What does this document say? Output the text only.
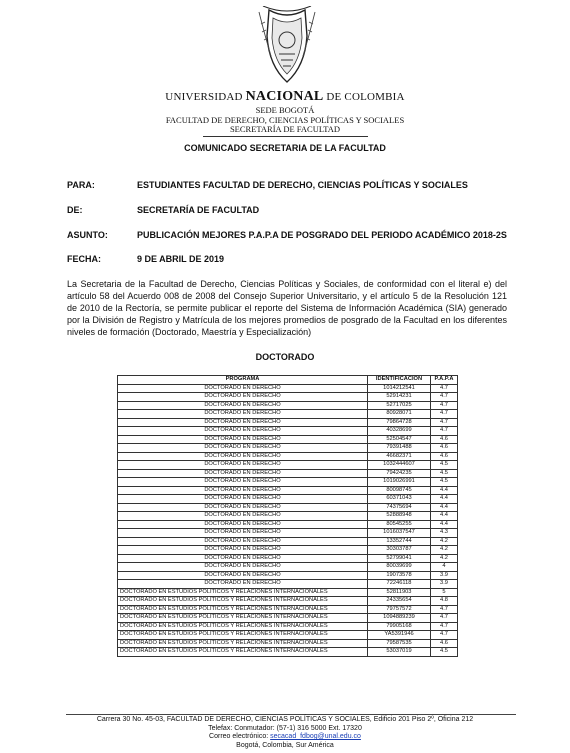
UNIVERSIDAD NACIONAL DE COLOMBIA
SEDE BOGOTÁ
FACULTAD DE DERECHO, CIENCIAS POLÍTICAS Y SOCIALES
SECRETARÍA DE FACULTAD
COMUNICADO SECRETARIA DE LA FACULTAD
PARA:	ESTUDIANTES FACULTAD DE DERECHO, CIENCIAS POLÍTICAS Y SOCIALES
DE:	SECRETARÍA DE FACULTAD
ASUNTO:	PUBLICACIÓN MEJORES P.A.P.A DE POSGRADO DEL PERIODO ACADÉMICO 2018-2S
FECHA:	9 DE ABRIL DE 2019
La Secretaria de la Facultad de Derecho, Ciencias Políticas y Sociales, de conformidad con el literal e) del artículo 58 del Acuerdo 008 de 2008 del Consejo Superior Universitario, y el artículo 5 de la Resolución 121 de 2010 de la Rectoría, se permite publicar el reporte del Sistema de Información Académica (SIA) generado por la División de Registro y Matrícula de los mejores promedios de posgrado de la Facultad en los diferentes niveles de formación (Doctorado, Maestría y Especialización)
DOCTORADO
PROGRAMA	IDENTIFICACION	P.A.P.A
DOCTORADO EN DERECHO	1014212541	4.7
DOCTORADO EN DERECHO	52914231	4.7
DOCTORADO EN DERECHO	52717025	4.7
DOCTORADO EN DERECHO	80928071	4.7
DOCTORADO EN DERECHO	79864728	4.7
DOCTORADO EN DERECHO	40328699	4.7
DOCTORADO EN DERECHO	52504547	4.6
DOCTORADO EN DERECHO	79391488	4.6
DOCTORADO EN DERECHO	46682371	4.6
DOCTORADO EN DERECHO	1032444607	4.5
DOCTORADO EN DERECHO	79424235	4.5
DOCTORADO EN DERECHO	1019026991	4.5
DOCTORADO EN DERECHO	80098745	4.4
DOCTORADO EN DERECHO	60371043	4.4
DOCTORADO EN DERECHO	74375694	4.4
DOCTORADO EN DERECHO	52888948	4.4
DOCTORADO EN DERECHO	80545255	4.4
DOCTORADO EN DERECHO	1016037547	4.3
DOCTORADO EN DERECHO	13352744	4.2
DOCTORADO EN DERECHO	30303787	4.2
DOCTORADO EN DERECHO	52799041	4.2
DOCTORADO EN DERECHO	80039699	4
DOCTORADO EN DERECHO	19073578	3.9
DOCTORADO EN DERECHO	72246118	3.9
DOCTORADO EN ESTUDIOS POLÍTICOS Y RELACIONES INTERNACIONALES	52811903	5
DOCTORADO EN ESTUDIOS POLÍTICOS Y RELACIONES INTERNACIONALES	24335654	4.8
DOCTORADO EN ESTUDIOS POLÍTICOS Y RELACIONES INTERNACIONALES	79757572	4.7
DOCTORADO EN ESTUDIOS POLÍTICOS Y RELACIONES INTERNACIONALES	1094889239	4.7
DOCTORADO EN ESTUDIOS POLÍTICOS Y RELACIONES INTERNACIONALES	79905168	4.7
DOCTORADO EN ESTUDIOS POLÍTICOS Y RELACIONES INTERNACIONALES	YA5391946	4.7
DOCTORADO EN ESTUDIOS POLÍTICOS Y RELACIONES INTERNACIONALES	79587535	4.6
DOCTORADO EN ESTUDIOS POLÍTICOS Y RELACIONES INTERNACIONALES	53037019	4.5
Carrera 30 No. 45-03, FACULTAD DE DERECHO, CIENCIAS POLÍTICAS Y SOCIALES, Edificio 201 Piso 2º, Oficina 212
Telefax: Conmutador: (57-1) 316 5000 Ext. 17320
Correo electrónico: secacad_fdbog@unal.edu.co
Bogotá, Colombia, Sur América
